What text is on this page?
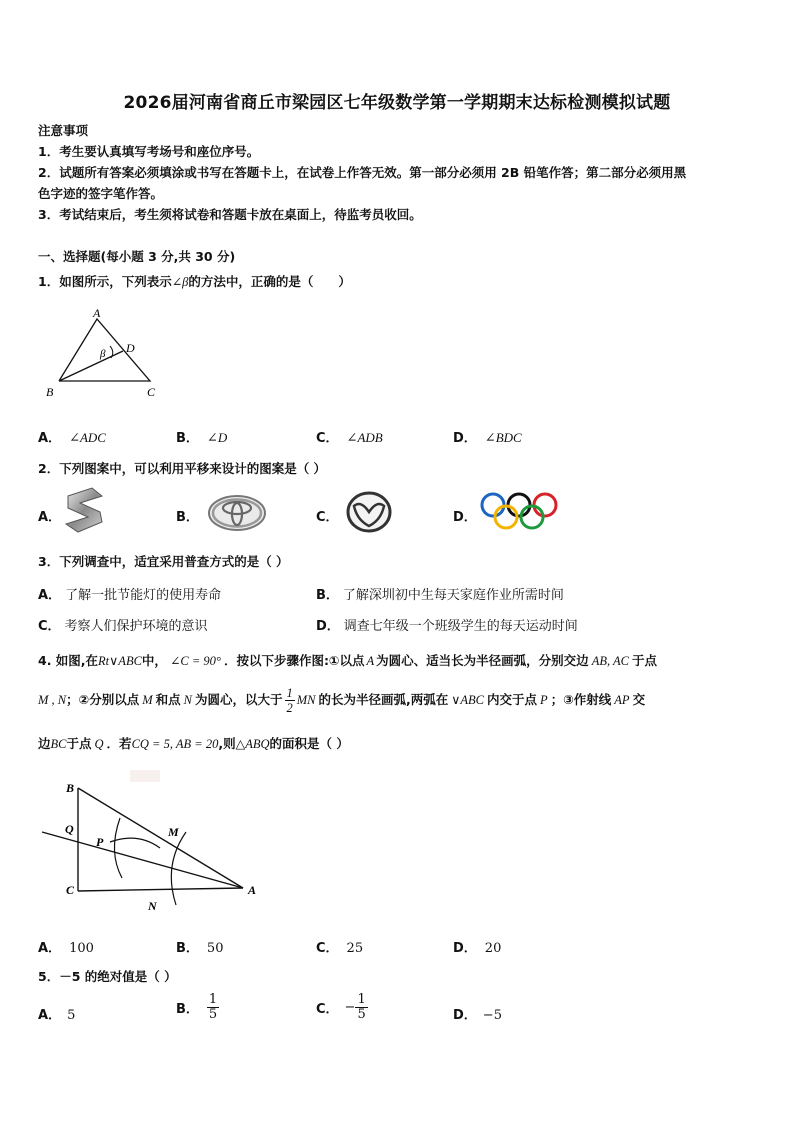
2026届河南省商丘市梁园区七年级数学第一学期期末达标检测模拟试题
注意事项
1．考生要认真填写考场号和座位序号。
2．试题所有答案必须填涂或书写在答题卡上，在试卷上作答无效。第一部分必须用 2B 铅笔作答；第二部分必须用黑
色字迹的签字笔作答。
3．考试结束后，考生须将试卷和答题卡放在桌面上，待监考员收回。
一、选择题(每小题 3 分,共 30 分)
1．如图所示，下列表示∠β的方法中，正确的是（　　）
A
B	C
D
β
A． ∠ADC	B． ∠D	C． ∠ADB	D． ∠BDC
2．下列图案中，可以利用平移来设计的图案是（ ）
A．	B．	C．	D．
3．下列调查中，适宜采用普查方式的是（ ）
A． 了解一批节能灯的使用寿命	B． 了解深圳初中生每天家庭作业所需时间
C． 考察人们保护环境的意识	D． 调查七年级一个班级学生的每天运动时间
4. 如图,在Rt∨ABC中， ∠C = 90° ．按以下步骤作图:①以点 A 为圆心、适当长为半径画弧，分别交边 AB, AC 于点
M , N；②分别以点 M 和点 N 为圆心，以大于 $\frac{1}{2}$ MN 的长为半径画弧,两弧在 ∨ABC 内交于点 P ；③作射线 AP 交
边BC于点 Q ．若CQ = 5, AB = 20,则△ABQ的面积是（ ）
B
Q
P
M
C
N
A
A． 100	B． 50	C． 25	D． 20
5．－5 的绝对值是（ ）
A． 5	B． $\frac{1}{5}$	C． − $\frac{1}{5}$	D． −5
